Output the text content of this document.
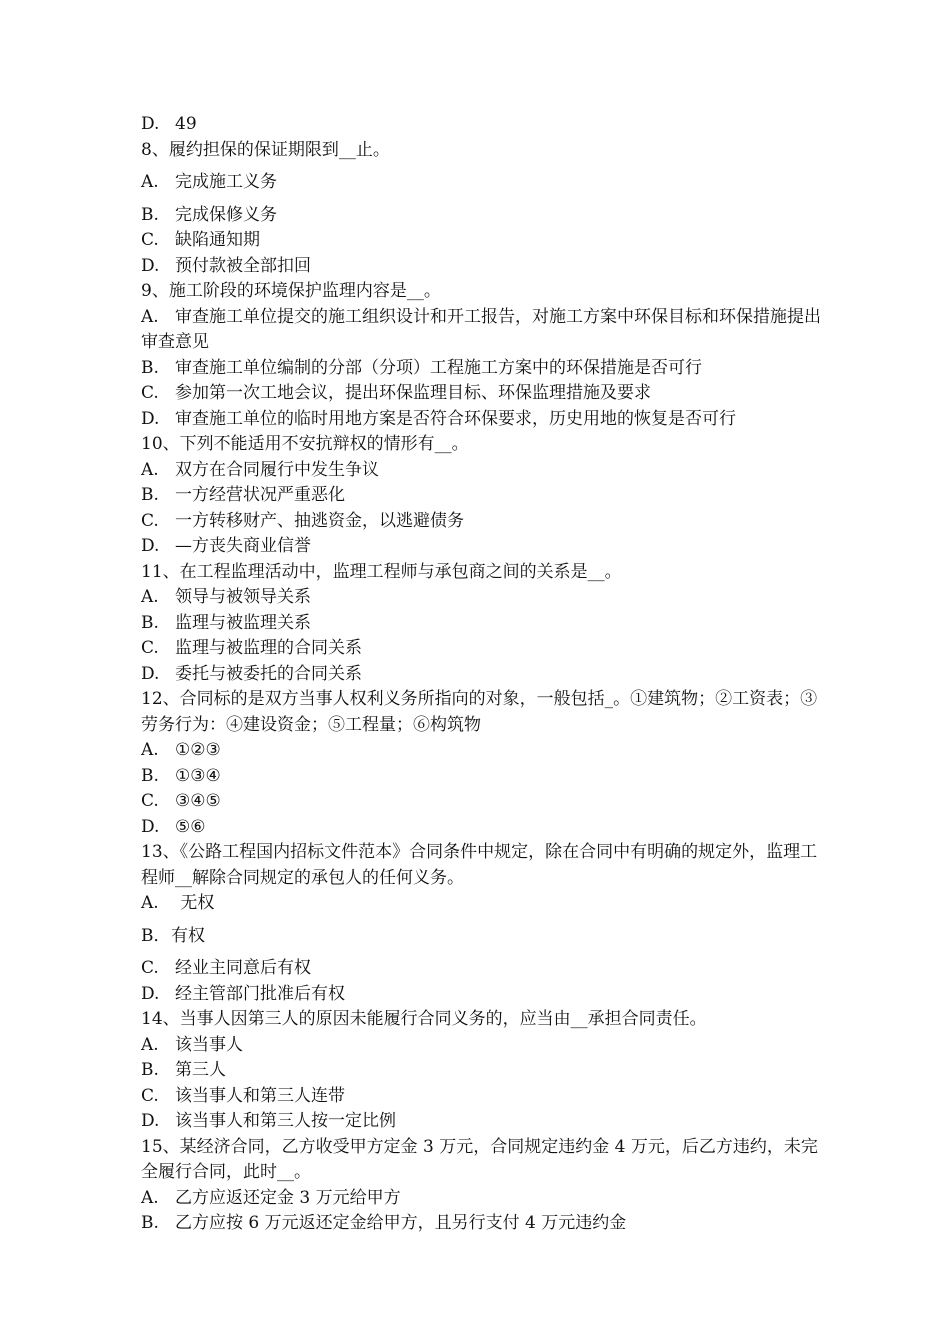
D. 49
8、履约担保的保证期限到__止。
A. 完成施工义务
B. 完成保修义务
C. 缺陷通知期
D. 预付款被全部扣回
9、施工阶段的环境保护监理内容是__。
A. 审查施工单位提交的施工组织设计和开工报告，对施工方案中环保目标和环保措施提出审查意见
B. 审查施工单位编制的分部（分项）工程施工方案中的环保措施是否可行
C. 参加第一次工地会议，提出环保监理目标、环保监理措施及要求
D. 审查施工单位的临时用地方案是否符合环保要求，历史用地的恢复是否可行
10、下列不能适用不安抗辩权的情形有__。
A. 双方在合同履行中发生争议
B. 一方经营状况严重恶化
C. 一方转移财产、抽逃资金，以逃避债务
D. —方丧失商业信誉
11、在工程监理活动中，监理工程师与承包商之间的关系是__。
A. 领导与被领导关系
B. 监理与被监理关系
C. 监理与被监理的合同关系
D. 委托与被委托的合同关系
12、合同标的是双方当事人权利义务所指向的对象，一般包括_。①建筑物；②工资表；③劳务行为：④建设资金；⑤工程量；⑥构筑物
A. ①②③
B. ①③④
C. ③④⑤
D. ⑤⑥
13、《公路工程国内招标文件范本》合同条件中规定，除在合同中有明确的规定外，监理工程师__解除合同规定的承包人的任何义务。
A. 无权
B．有权
C. 经业主同意后有权
D. 经主管部门批准后有权
14、当事人因第三人的原因未能履行合同义务的，应当由__承担合同责任。
A. 该当事人
B. 第三人
C. 该当事人和第三人连带
D. 该当事人和第三人按一定比例
15、某经济合同，乙方收受甲方定金 3 万元，合同规定违约金 4 万元，后乙方违约，未完全履行合同，此时__。
A. 乙方应返还定金 3 万元给甲方
B. 乙方应按 6 万元返还定金给甲方，且另行支付 4 万元违约金
